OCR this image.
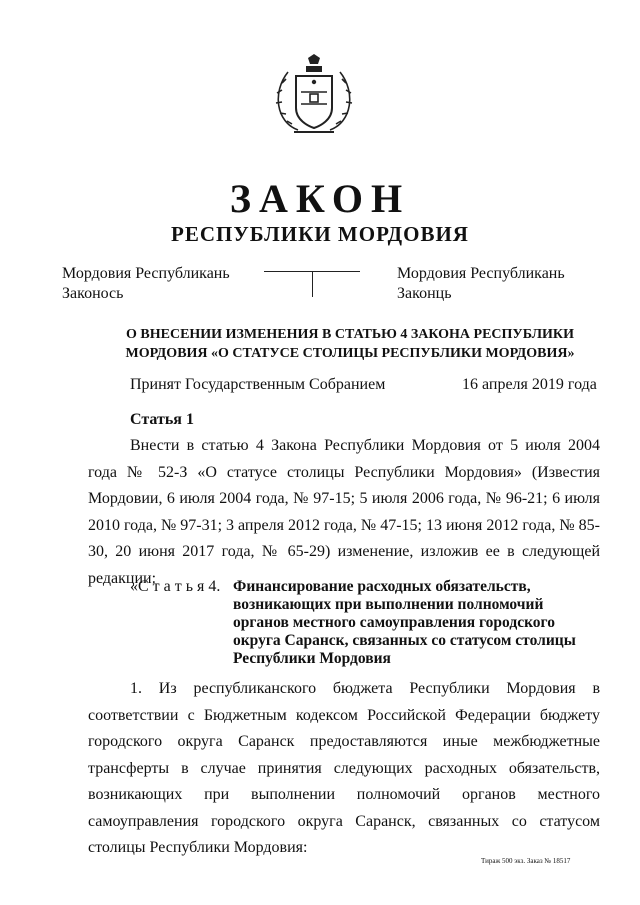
ЗАКОН
РЕСПУБЛИКИ МОРДОВИЯ
Мордовия Республикань
Законось
Мордовия Республикань
Законць
О ВНЕСЕНИИ ИЗМЕНЕНИЯ В СТАТЬЮ 4 ЗАКОНА РЕСПУБЛИКИ
МОРДОВИЯ «О СТАТУСЕ СТОЛИЦЫ РЕСПУБЛИКИ МОРДОВИЯ»
Принят Государственным Собранием	16 апреля 2019 года
Статья 1
Внести в статью 4 Закона Республики Мордовия от 5 июля 2004 года № 52-З «О статусе столицы Республики Мордовия» (Известия Мордовии, 6 июля 2004 года, № 97-15; 5 июля 2006 года, № 96-21; 6 июля 2010 года, № 97-31; 3 апреля 2012 года, № 47-15; 13 июня 2012 года, № 85-30, 20 июня 2017 года, № 65-29) изменение, изложив ее в следующей редакции:
«С т а т ь я 4. Финансирование расходных обязательств, возникающих при выполнении полномочий органов местного самоуправления городского округа Саранск, связанных со статусом столицы Республики Мордовия
1. Из республиканского бюджета Республики Мордовия в соответствии с Бюджетным кодексом Российской Федерации бюджету городского округа Саранск предоставляются иные межбюджетные трансферты в случае принятия следующих расходных обязательств, возникающих при выполнении полномочий органов местного самоуправления городского округа Саранск, связанных со статусом столицы Республики Мордовия:
Тираж 500 экз. Заказ № 18517
